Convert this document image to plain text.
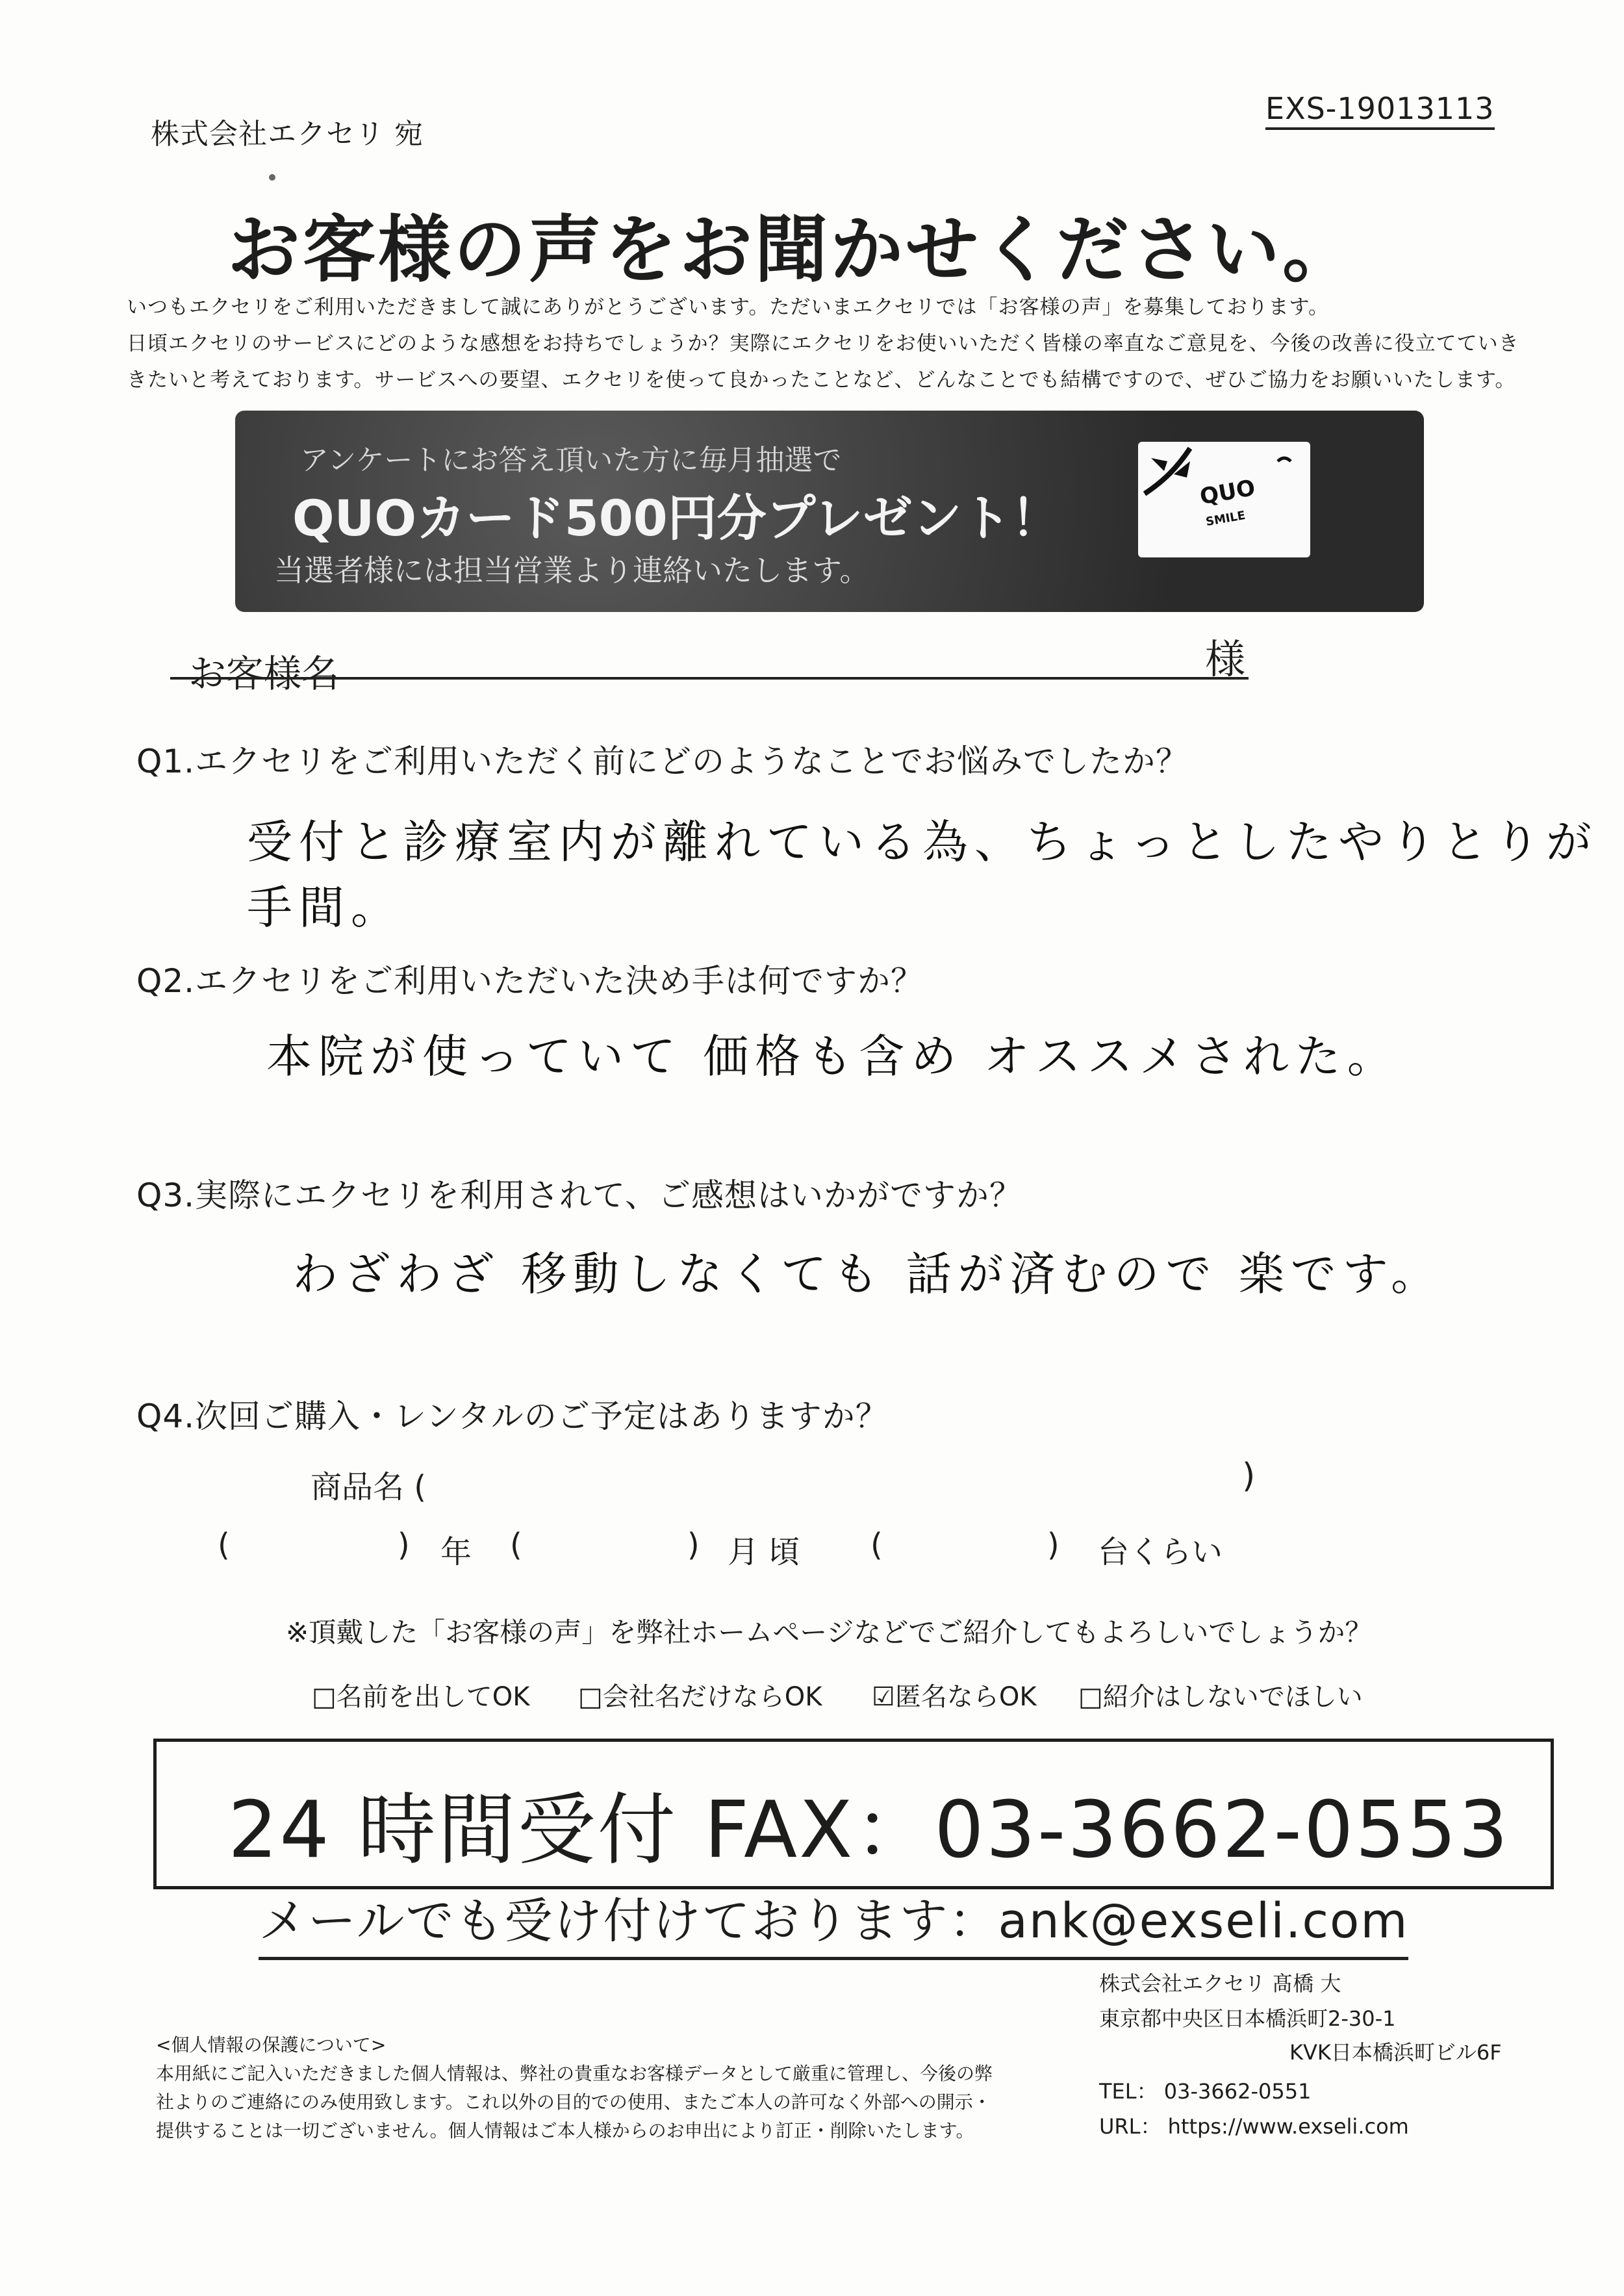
株式会社エクセリ 宛
EXS-19013113
お客様の声をお聞かせください。
いつもエクセリをご利用いただきまして誠にありがとうございます。ただいまエクセリでは「お客様の声」を募集しております。
日頃エクセリのサービスにどのような感想をお持ちでしょうか？実際にエクセリをお使いいただく皆様の率直なご意見を、今後の改善に役立てていき
きたいと考えております。サービスへの要望、エクセリを使って良かったことなど、どんなことでも結構ですので、ぜひご協力をお願いいたします。
アンケートにお答え頂いた方に毎月抽選で
QUOカード500円分プレゼント！
当選者様には担当営業より連絡いたします。
QUO
SMILE
お客様名	様
Q1.エクセリをご利用いただく前にどのようなことでお悩みでしたか？
受付と診療室内が離れている為、ちょっとしたやりとりが手間。
Q2.エクセリをご利用いただいた決め手は何ですか？
本院が使っていて 価格も含め オススメされた。
Q3.実際にエクセリを利用されて、ご感想はいかがですか？
わざわざ 移動しなくても 話が済むので 楽です。
Q4.次回ご購入・レンタルのご予定はありますか？
商品名 (	)
(	) 年 (	) 月 頃 (	) 台くらい
※頂戴した「お客様の声」を弊社ホームページなどでご紹介してもよろしいでしょうか？
□名前を出してOK □会社名だけならOK ☑匿名ならOK □紹介はしないでほしい
24 時間受付 FAX：03-3662-0553
メールでも受け付けております：ank@exseli.com
株式会社エクセリ 髙橋 大
東京都中央区日本橋浜町2-30-1
KVK日本橋浜町ビル6F
TEL： 03-3662-0551
URL： https://www.exseli.com
<個人情報の保護について>
本用紙にご記入いただきました個人情報は、弊社の貴重なお客様データとして厳重に管理し、今後の弊
社よりのご連絡にのみ使用致します。これ以外の目的での使用、またご本人の許可なく外部への開示・
提供することは一切ございません。個人情報はご本人様からのお申出により訂正・削除いたします。
